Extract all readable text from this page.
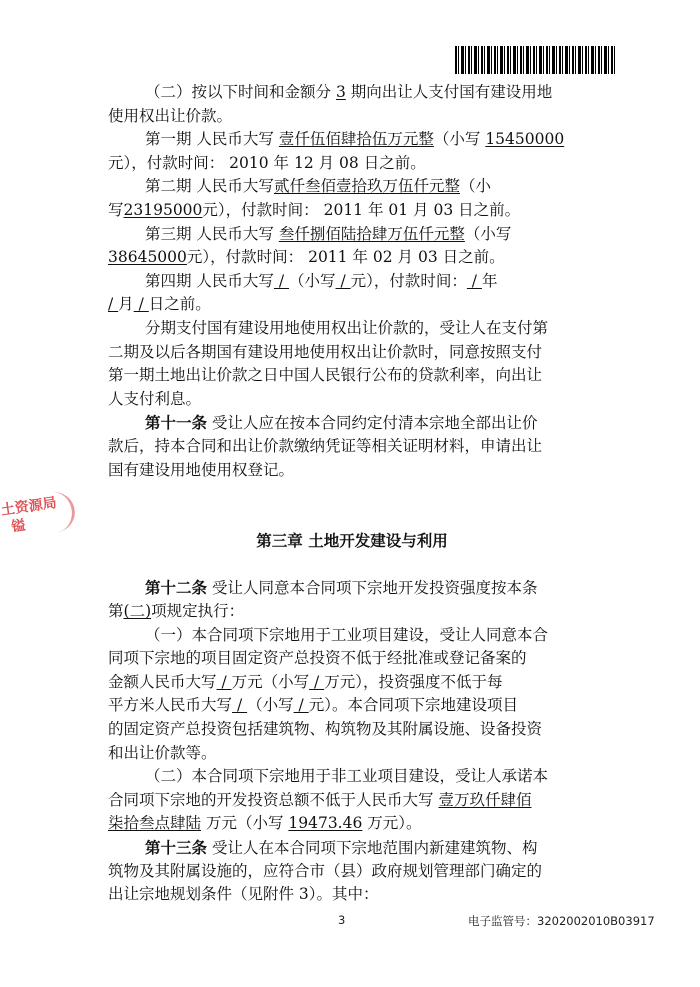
土资源局
镒
（二）按以下时间和金额分 3 期向出让人支付国有建设用地
使用权出让价款。
第一期 人民币大写 壹仟伍佰肆拾伍万元整（小写 15450000
元），付款时间： 2010 年 12 月 08 日之前。
第二期 人民币大写贰仟叁佰壹拾玖万伍仟元整（小
写23195000元），付款时间： 2011 年 01 月 03 日之前。
第三期 人民币大写 叁仟捌佰陆拾肆万伍仟元整（小写
38645000元），付款时间： 2011 年 02 月 03 日之前。
第四期 人民币大写 / （小写 / 元），付款时间： / 年
/ 月 / 日之前。
分期支付国有建设用地使用权出让价款的，受让人在支付第
二期及以后各期国有建设用地使用权出让价款时，同意按照支付
第一期土地出让价款之日中国人民银行公布的贷款利率，向出让
人支付利息。
第十一条 受让人应在按本合同约定付清本宗地全部出让价
款后，持本合同和出让价款缴纳凭证等相关证明材料，申请出让
国有建设用地使用权登记。
第三章 土地开发建设与利用
第十二条 受让人同意本合同项下宗地开发投资强度按本条
第(二)项规定执行：
（一）本合同项下宗地用于工业项目建设，受让人同意本合
同项下宗地的项目固定资产总投资不低于经批准或登记备案的
金额人民币大写 / 万元（小写 / 万元），投资强度不低于每
平方米人民币大写 / （小写 / 元）。本合同项下宗地建设项目
的固定资产总投资包括建筑物、构筑物及其附属设施、设备投资
和出让价款等。
（二）本合同项下宗地用于非工业项目建设，受让人承诺本
合同项下宗地的开发投资总额不低于人民币大写 壹万玖仟肆佰
柒拾叁点肆陆 万元（小写 19473.46 万元）。
第十三条 受让人在本合同项下宗地范围内新建建筑物、构
筑物及其附属设施的，应符合市（县）政府规划管理部门确定的
出让宗地规划条件（见附件 3）。其中：
3	电子监管号：3202002010B03917
